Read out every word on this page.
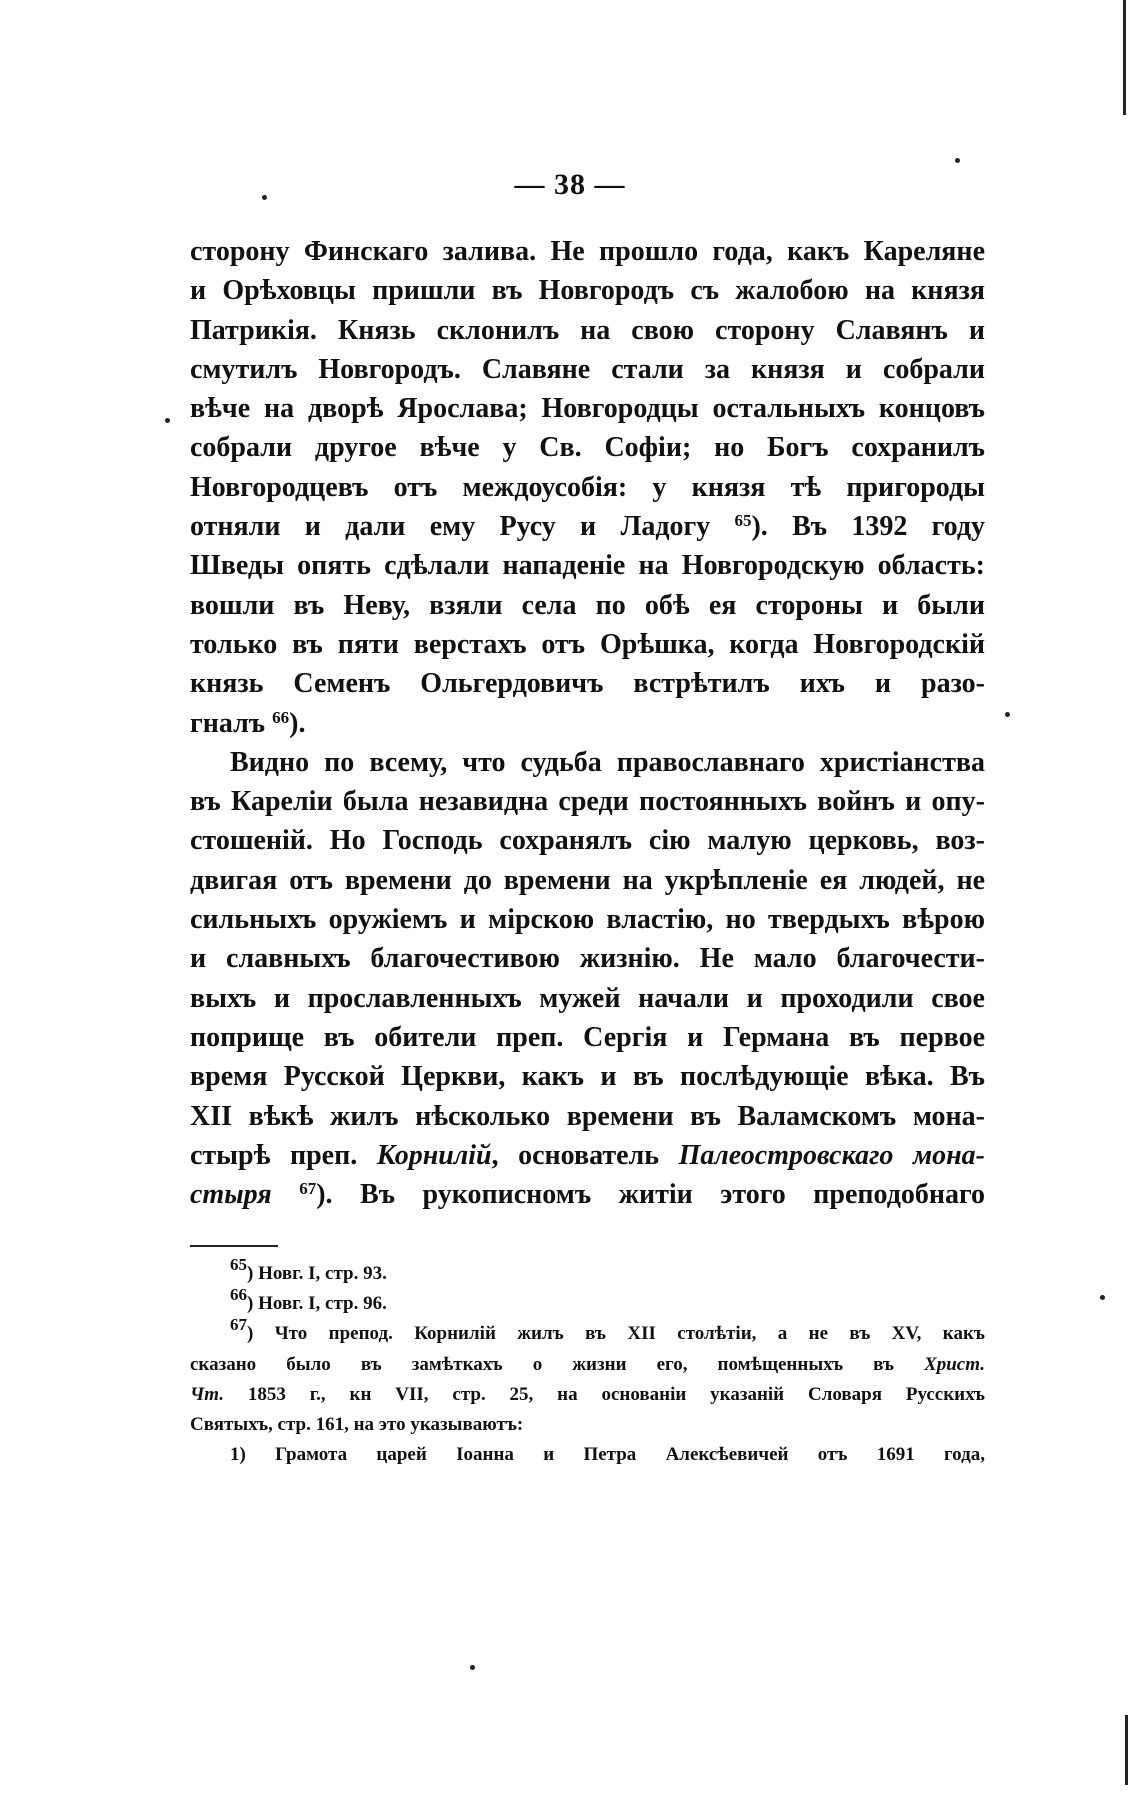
— 38 —
сторону Финскаго залива. Не прошло года, какъ Кареляне
и Орѣховцы пришли въ Новгородъ съ жалобою на князя
Патрикія. Князь склонилъ на свою сторону Славянъ и
смутилъ Новгородъ. Славяне стали за князя и собрали
вѣче на дворѣ Ярослава; Новгородцы остальныхъ концовъ
собрали другое вѣче у Св. Софіи; но Богъ сохранилъ
Новгородцевъ отъ междоусобія: у князя тѣ пригороды
отняли и дали ему Русу и Ладогу $^{65}$). Въ 1392 году
Шведы опять сдѣлали нападеніе на Новгородскую область:
вошли въ Неву, взяли села по обѣ ея стороны и были
только въ пяти верстахъ отъ Орѣшка, когда Новгородскій
князь Семенъ Ольгердовичъ встрѣтилъ ихъ и разо-
гналъ $^{66}$).
Видно по всему, что судьба православнаго христіанства
въ Кареліи была незавидна среди постоянныхъ войнъ и опу-
стошеній. Но Господь сохранялъ сію малую церковь, воз-
двигая отъ времени до времени на укрѣпленіе ея людей, не
сильныхъ оружіемъ и мірскою властію, но твердыхъ вѣрою
и славныхъ благочестивою жизнію. Не мало благочести-
выхъ и прославленныхъ мужей начали и проходили свое
поприще въ обители преп. Сергія и Германа въ первое
время Русской Церкви, какъ и въ послѣдующіе вѣка. Въ
XII вѣкѣ жилъ нѣсколько времени въ Валамскомъ мона-
стырѣ преп. Корнилій, основатель Палеостровскаго мона-
стыря $^{67}$). Въ рукописномъ житіи этого преподобнаго
$^{65}$) Новг. I, стр. 93.
$^{66}$) Новг. I, стр. 96.
$^{67}$) Что препод. Корнилій жилъ въ XII столѣтіи, а не въ XV, какъ
сказано было въ замѣткахъ о жизни его, помѣщенныхъ въ Христ.
Чт. 1853 г., кн VII, стр. 25, на основаніи указаній Словаря Русскихъ
Святыхъ, стр. 161, на это указываютъ:
1) Грамота царей Іоанна и Петра Алексѣевичей отъ 1691 года,
